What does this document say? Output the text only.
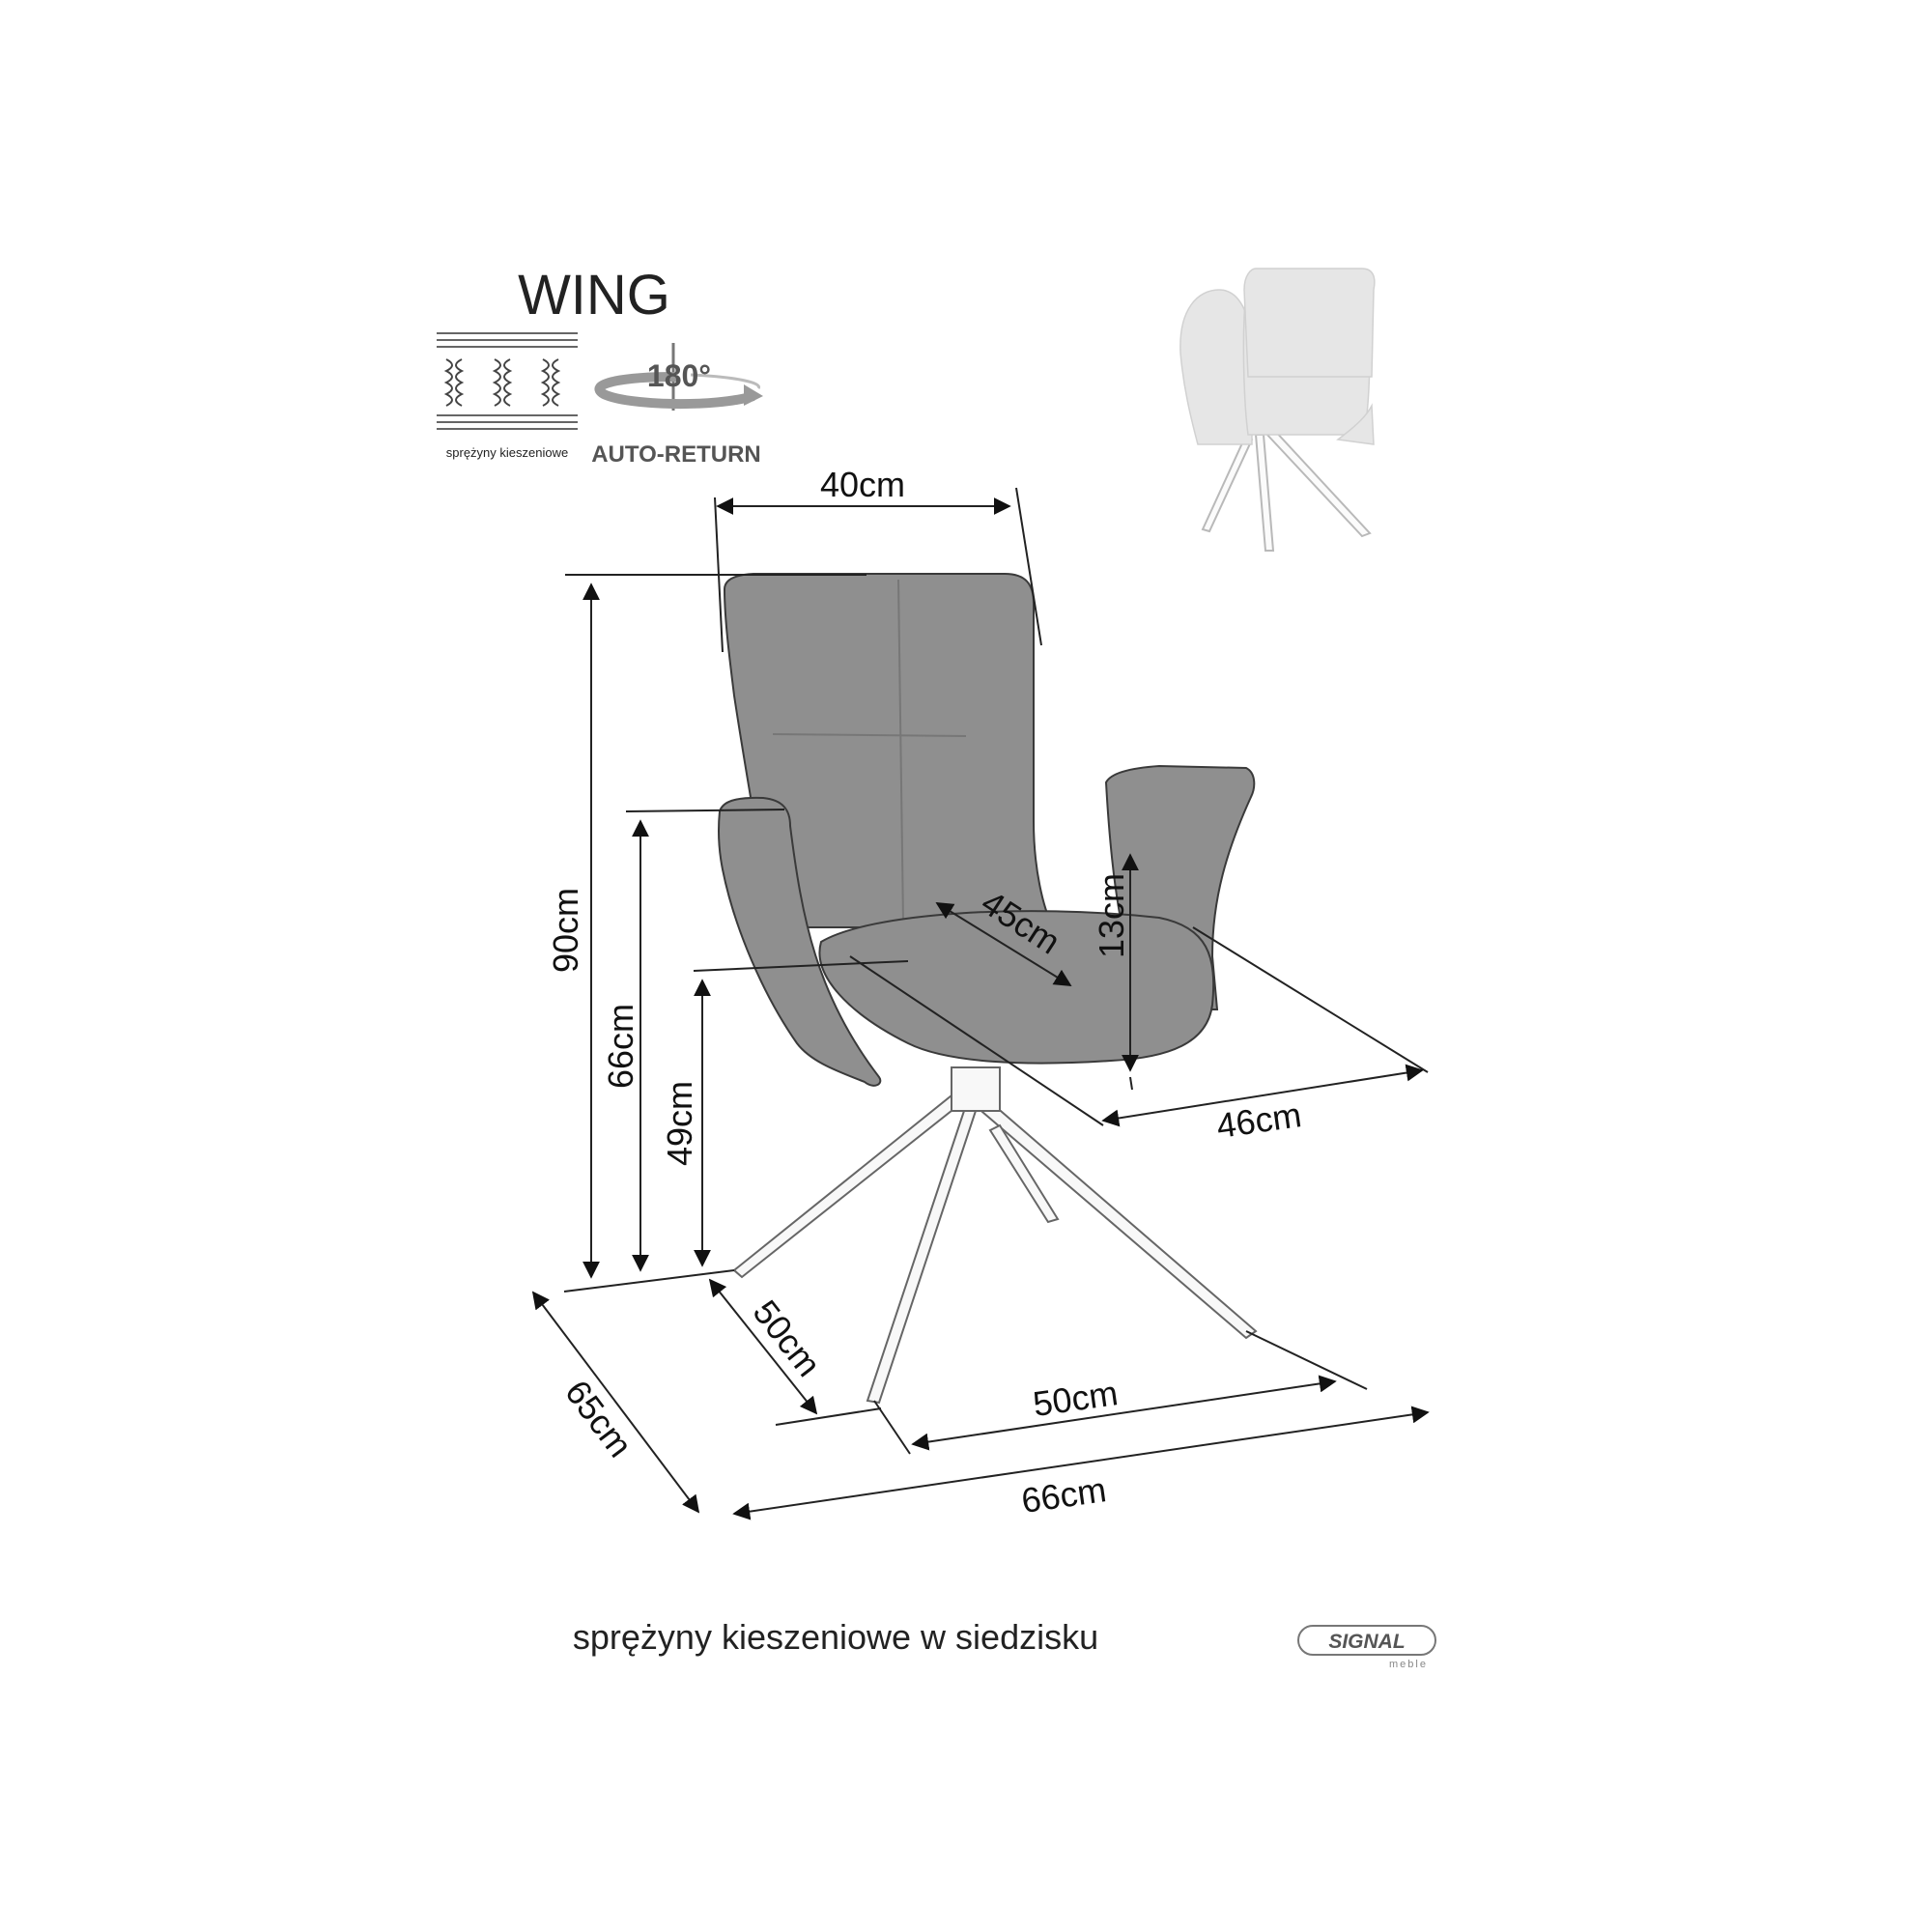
WING
sprężyny kieszeniowe
180°
AUTO-RETURN
40cm
90cm
66cm
49cm
45cm 13cm
46cm
50cm
50cm
65cm
66cm
sprężyny kieszeniowe w siedzisku	SIGNAL
meble
